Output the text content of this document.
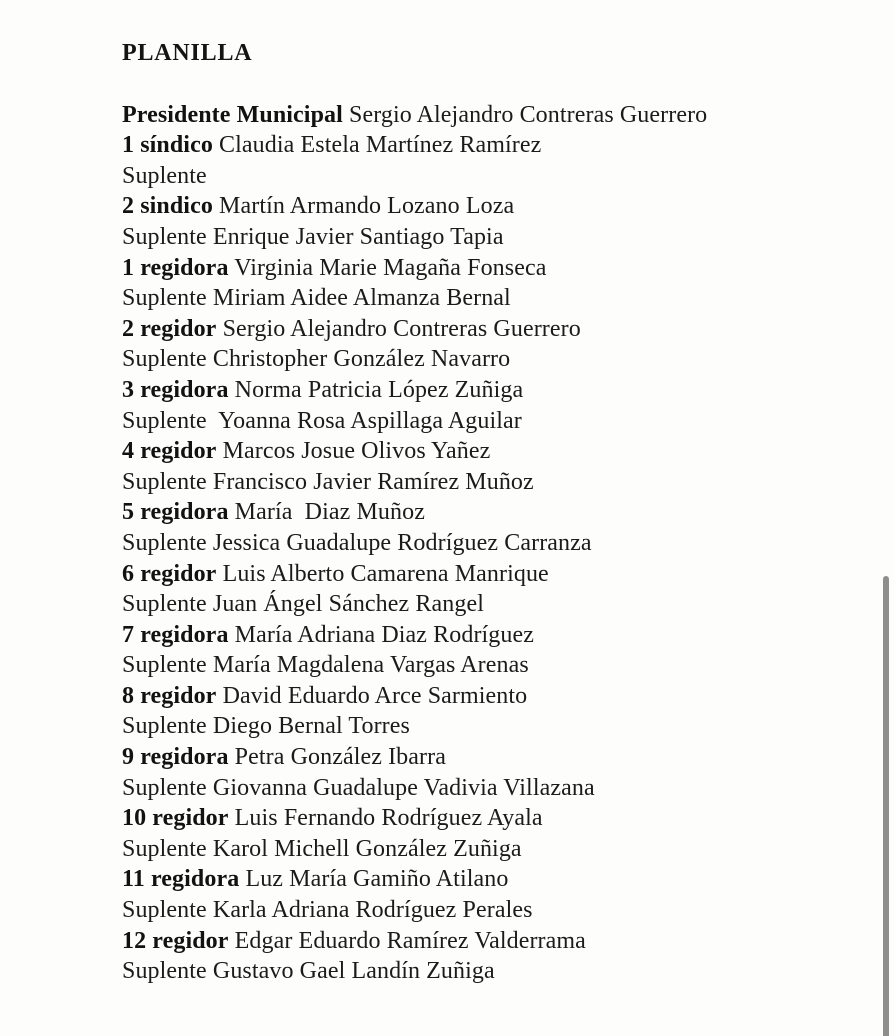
PLANILLA
Presidente Municipal Sergio Alejandro Contreras Guerrero
1 síndico Claudia Estela Martínez Ramírez
Suplente
2 sindico Martín Armando Lozano Loza
Suplente Enrique Javier Santiago Tapia
1 regidora Virginia Marie Magaña Fonseca
Suplente Miriam Aidee Almanza Bernal
2 regidor Sergio Alejandro Contreras Guerrero
Suplente Christopher González Navarro
3 regidora Norma Patricia López Zuñiga
Suplente  Yoanna Rosa Aspillaga Aguilar
4 regidor Marcos Josue Olivos Yañez
Suplente Francisco Javier Ramírez Muñoz
5 regidora María  Diaz Muñoz
Suplente Jessica Guadalupe Rodríguez Carranza
6 regidor Luis Alberto Camarena Manrique
Suplente Juan Ángel Sánchez Rangel
7 regidora María Adriana Diaz Rodríguez
Suplente María Magdalena Vargas Arenas
8 regidor David Eduardo Arce Sarmiento
Suplente Diego Bernal Torres
9 regidora Petra González Ibarra
Suplente Giovanna Guadalupe Vadivia Villazana
10 regidor Luis Fernando Rodríguez Ayala
Suplente Karol Michell González Zuñiga
11 regidora Luz María Gamiño Atilano
Suplente Karla Adriana Rodríguez Perales
12 regidor Edgar Eduardo Ramírez Valderrama
Suplente Gustavo Gael Landín Zuñiga
